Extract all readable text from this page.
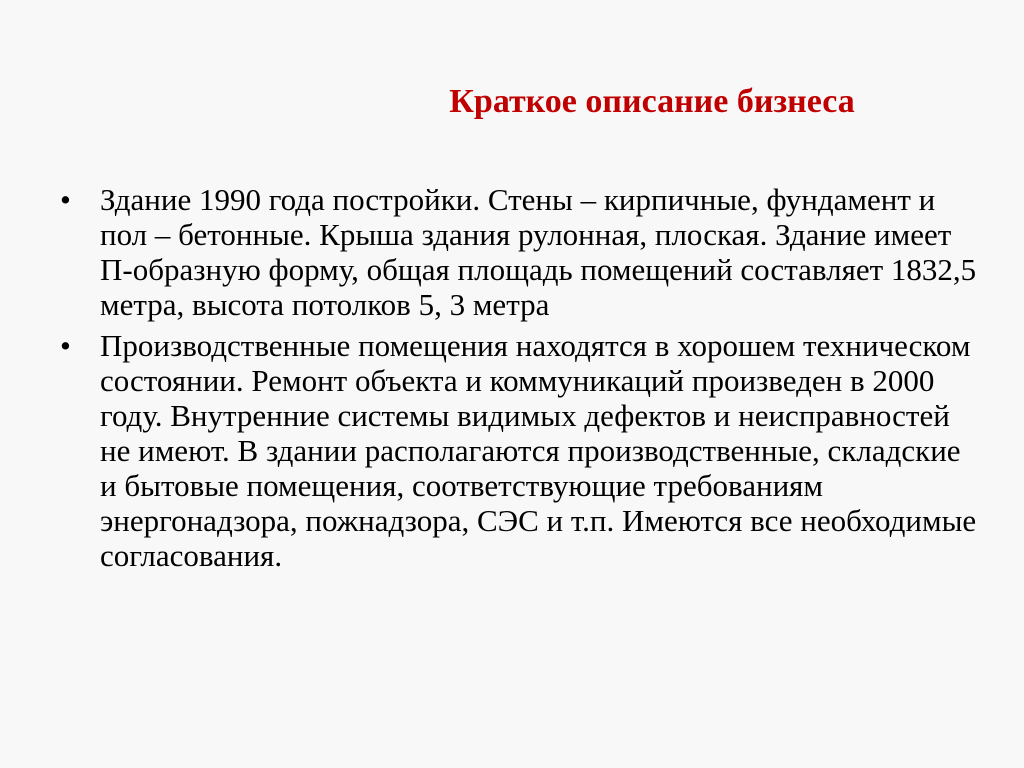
Краткое описание бизнеса
• Здание 1990 года постройки. Стены – кирпичные, фундамент и пол – бетонные. Крыша здания рулонная, плоская. Здание имеет П-образную форму, общая площадь помещений составляет 1832,5 метра, высота потолков 5, 3 метра
• Производственные помещения находятся в хорошем техническом состоянии. Ремонт объекта и коммуникаций произведен в 2000 году. Внутренние системы видимых дефектов и неисправностей не имеют. В здании располагаются производственные, складские и бытовые помещения, соответствующие требованиям энергонадзора, пожнадзора, СЭС и т.п. Имеются все необходимые согласования.
